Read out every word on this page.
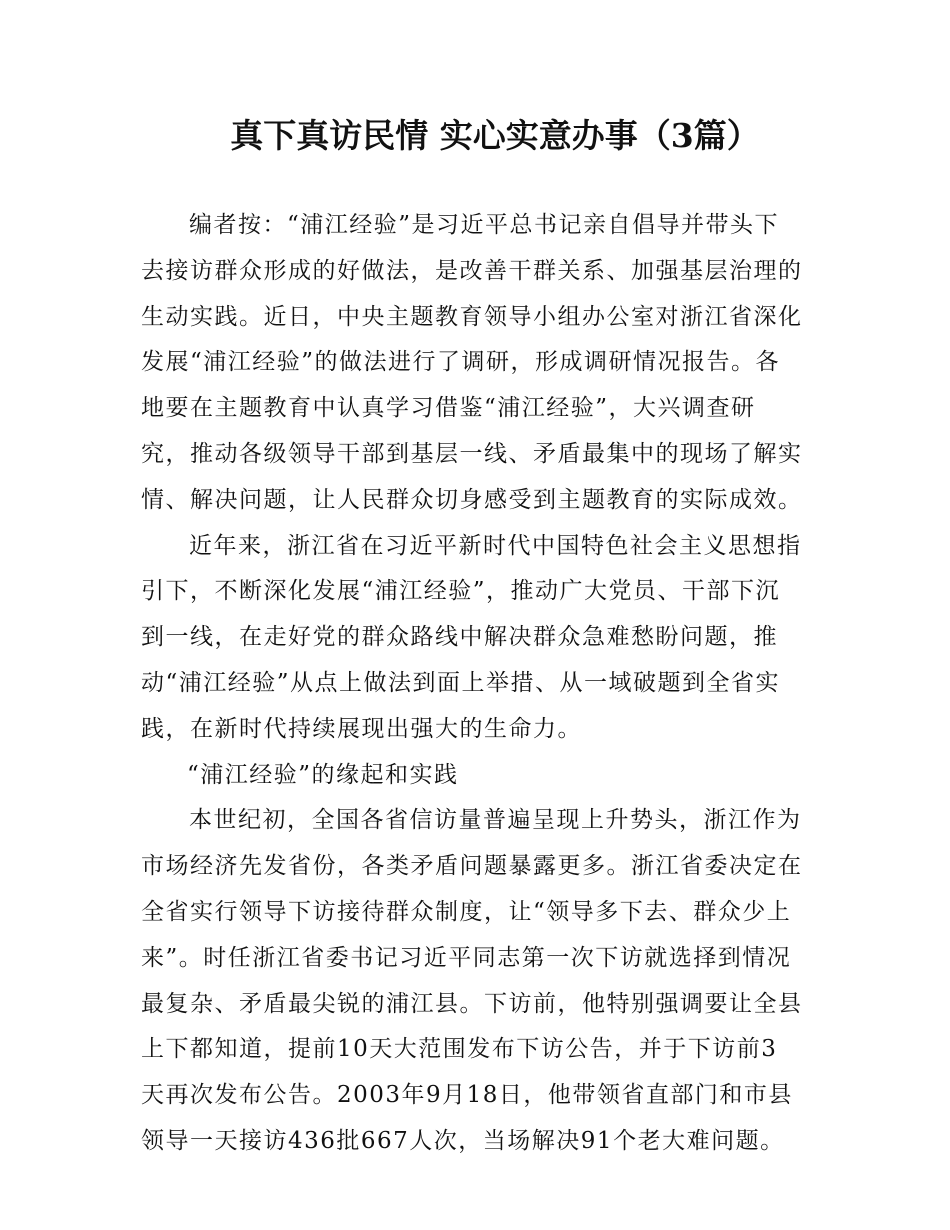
真下真访民情 实心实意办事（3篇）
编者按：“浦江经验”是习近平总书记亲自倡导并带头下
去接访群众形成的好做法，是改善干群关系、加强基层治理的
生动实践。近日，中央主题教育领导小组办公室对浙江省深化
发展“浦江经验”的做法进行了调研，形成调研情况报告。各
地要在主题教育中认真学习借鉴“浦江经验”，大兴调查研
究，推动各级领导干部到基层一线、矛盾最集中的现场了解实
情、解决问题，让人民群众切身感受到主题教育的实际成效。
近年来，浙江省在习近平新时代中国特色社会主义思想指
引下，不断深化发展“浦江经验”，推动广大党员、干部下沉
到一线，在走好党的群众路线中解决群众急难愁盼问题，推
动“浦江经验”从点上做法到面上举措、从一域破题到全省实
践，在新时代持续展现出强大的生命力。
“浦江经验”的缘起和实践
本世纪初，全国各省信访量普遍呈现上升势头，浙江作为
市场经济先发省份，各类矛盾问题暴露更多。浙江省委决定在
全省实行领导下访接待群众制度，让“领导多下去、群众少上
来”。时任浙江省委书记习近平同志第一次下访就选择到情况
最复杂、矛盾最尖锐的浦江县。下访前，他特别强调要让全县
上下都知道，提前10天大范围发布下访公告，并于下访前3
天再次发布公告。2003年9月18日，他带领省直部门和市县
领导一天接访436批667人次，当场解决91个老大难问题。
